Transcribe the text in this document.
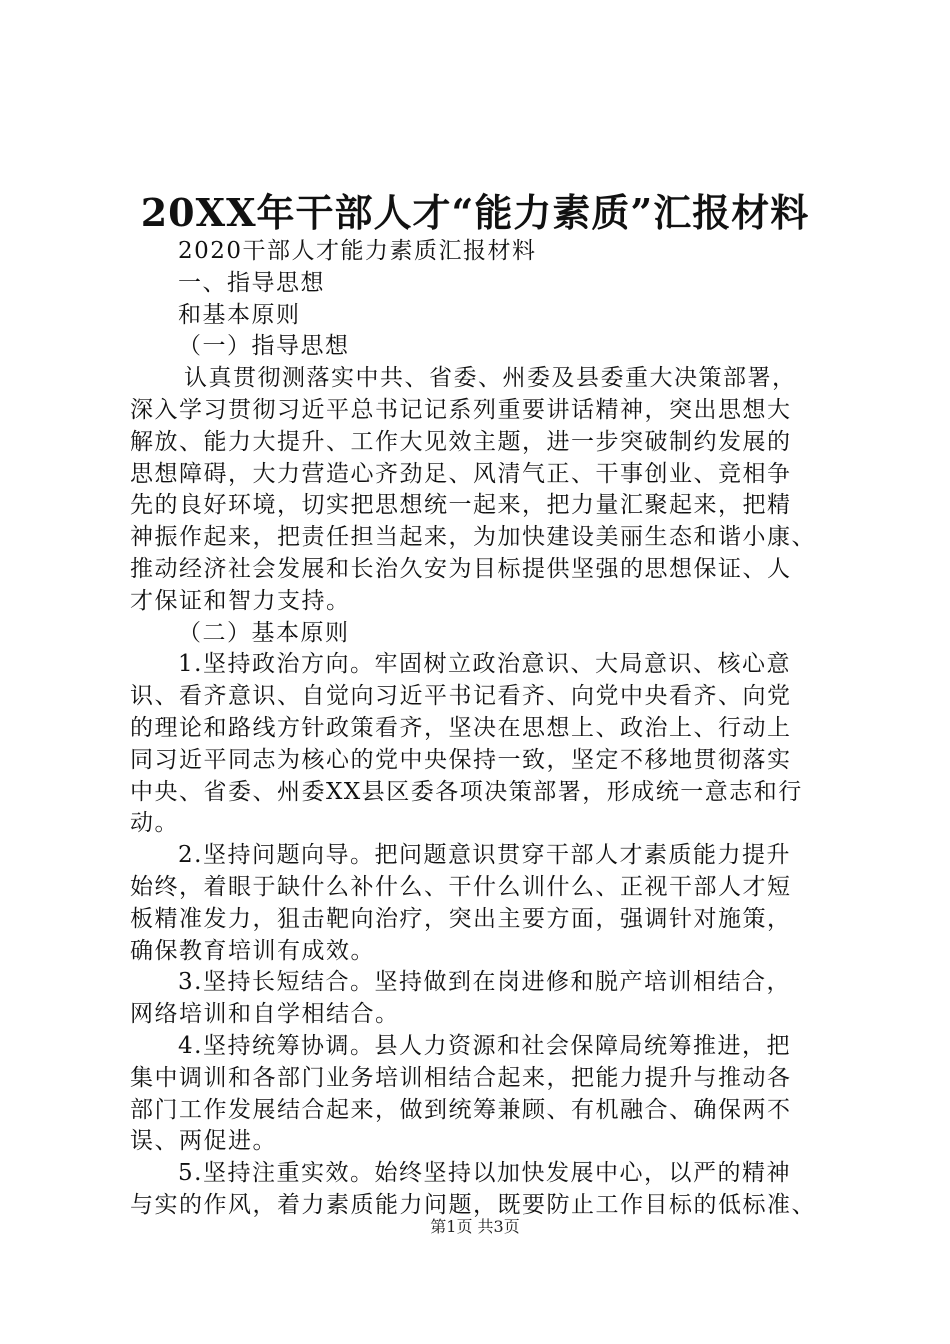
20XX年干部人才“能力素质”汇报材料
2020干部人才能力素质汇报材料
一、指导思想
和基本原则
（一）指导思想
认真贯彻测落实中共、省委、州委及县委重大决策部署，
深入学习贯彻习近平总书记记系列重要讲话精神，突出思想大
解放、能力大提升、工作大见效主题，进一步突破制约发展的
思想障碍，大力营造心齐劲足、风清气正、干事创业、竞相争
先的良好环境，切实把思想统一起来，把力量汇聚起来，把精
神振作起来，把责任担当起来，为加快建设美丽生态和谐小康、
推动经济社会发展和长治久安为目标提供坚强的思想保证、人
才保证和智力支持。
（二）基本原则
1.坚持政治方向。牢固树立政治意识、大局意识、核心意
识、看齐意识、自觉向习近平书记看齐、向党中央看齐、向党
的理论和路线方针政策看齐，坚决在思想上、政治上、行动上
同习近平同志为核心的党中央保持一致，坚定不移地贯彻落实
中央、省委、州委XX县区委各项决策部署，形成统一意志和行
动。
2.坚持问题向导。把问题意识贯穿干部人才素质能力提升
始终，着眼于缺什么补什么、干什么训什么、正视干部人才短
板精准发力，狙击靶向治疗，突出主要方面，强调针对施策，
确保教育培训有成效。
3.坚持长短结合。坚持做到在岗进修和脱产培训相结合，
网络培训和自学相结合。
4.坚持统筹协调。县人力资源和社会保障局统筹推进，把
集中调训和各部门业务培训相结合起来，把能力提升与推动各
部门工作发展结合起来，做到统筹兼顾、有机融合、确保两不
误、两促进。
5.坚持注重实效。始终坚持以加快发展中心，以严的精神
与实的作风，着力素质能力问题，既要防止工作目标的低标准、
第1页 共3页
